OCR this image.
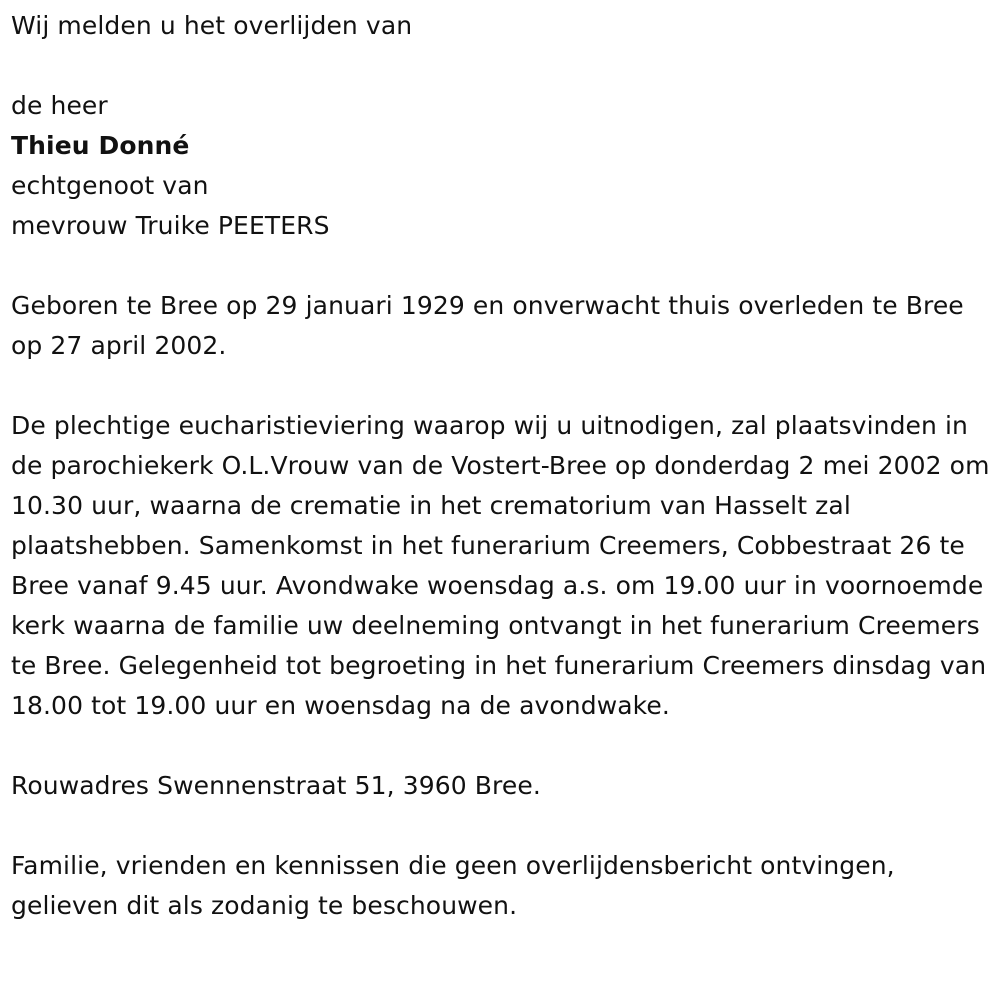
Wij melden u het overlijden van

de heer

Thieu Donné

echtgenoot van

mevrouw Truike PEETERS

Geboren te Bree op 29 januari 1929 en onverwacht thuis overleden te Bree op 27 april 2002.

De plechtige eucharistieviering waarop wij u uitnodigen, zal plaatsvinden in de parochiekerk O.L.Vrouw van de Vostert-Bree op donderdag 2 mei 2002 om 10.30 uur, waarna de crematie in het crematorium van Hasselt zal plaatshebben. Samenkomst in het funerarium Creemers, Cobbestraat 26 te Bree vanaf 9.45 uur. Avondwake woensdag a.s. om 19.00 uur in voornoemde kerk waarna de familie uw deelneming ontvangt in het funerarium Creemers te Bree. Gelegenheid tot begroeting in het funerarium Creemers dinsdag van 18.00 tot 19.00 uur en woensdag na de avondwake.

Rouwadres Swennenstraat 51, 3960 Bree.

Familie, vrienden en kennissen die geen overlijdensbericht ontvingen, gelieven dit als zodanig te beschouwen.
